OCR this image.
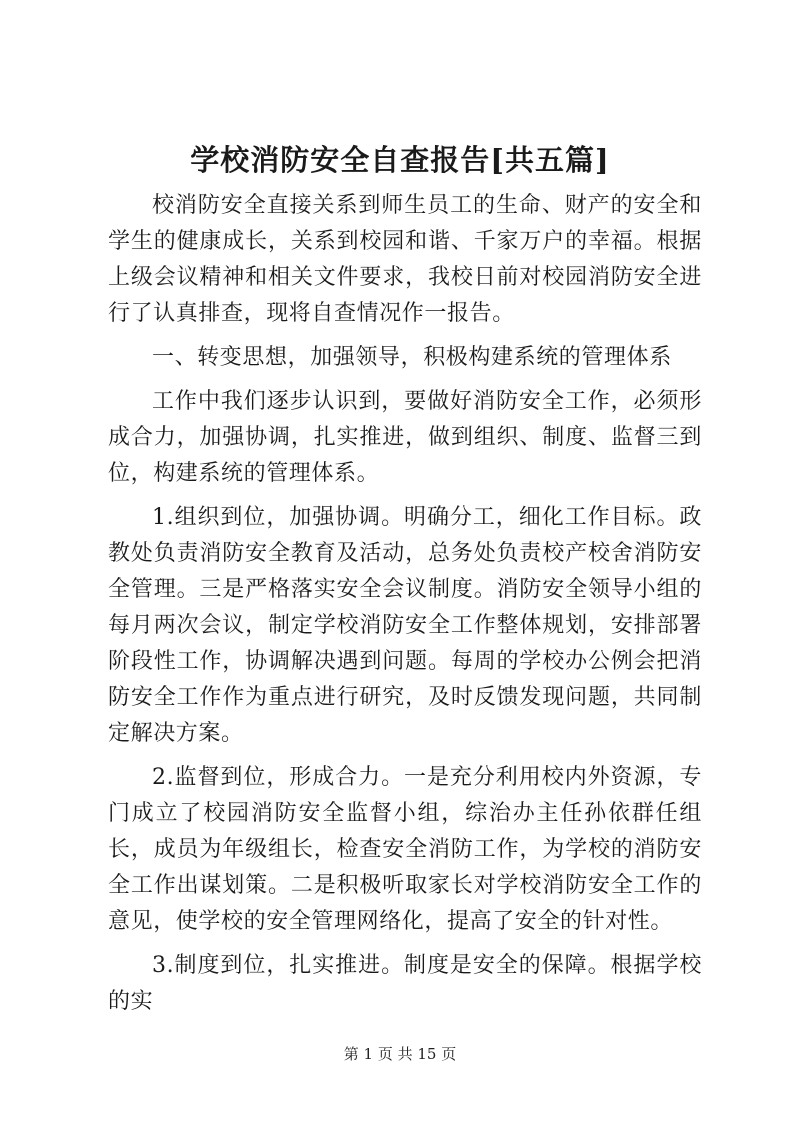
学校消防安全自查报告[共五篇]

校消防安全直接关系到师生员工的生命、财产的安全和学生的健康成长，关系到校园和谐、千家万户的幸福。根据上级会议精神和相关文件要求，我校日前对校园消防安全进行了认真排查，现将自查情况作一报告。

一、转变思想，加强领导，积极构建系统的管理体系

工作中我们逐步认识到，要做好消防安全工作，必须形成合力，加强协调，扎实推进，做到组织、制度、监督三到位，构建系统的管理体系。

1.组织到位，加强协调。明确分工，细化工作目标。政教处负责消防安全教育及活动，总务处负责校产校舍消防安全管理。三是严格落实安全会议制度。消防安全领导小组的每月两次会议，制定学校消防安全工作整体规划，安排部署阶段性工作，协调解决遇到问题。每周的学校办公例会把消防安全工作作为重点进行研究，及时反馈发现问题，共同制定解决方案。

2.监督到位，形成合力。一是充分利用校内外资源，专门成立了校园消防安全监督小组，综治办主任孙依群任组长，成员为年级组长，检查安全消防工作，为学校的消防安全工作出谋划策。二是积极听取家长对学校消防安全工作的意见，使学校的安全管理网络化，提高了安全的针对性。

3.制度到位，扎实推进。制度是安全的保障。根据学校的实

第 1 页 共 15 页
